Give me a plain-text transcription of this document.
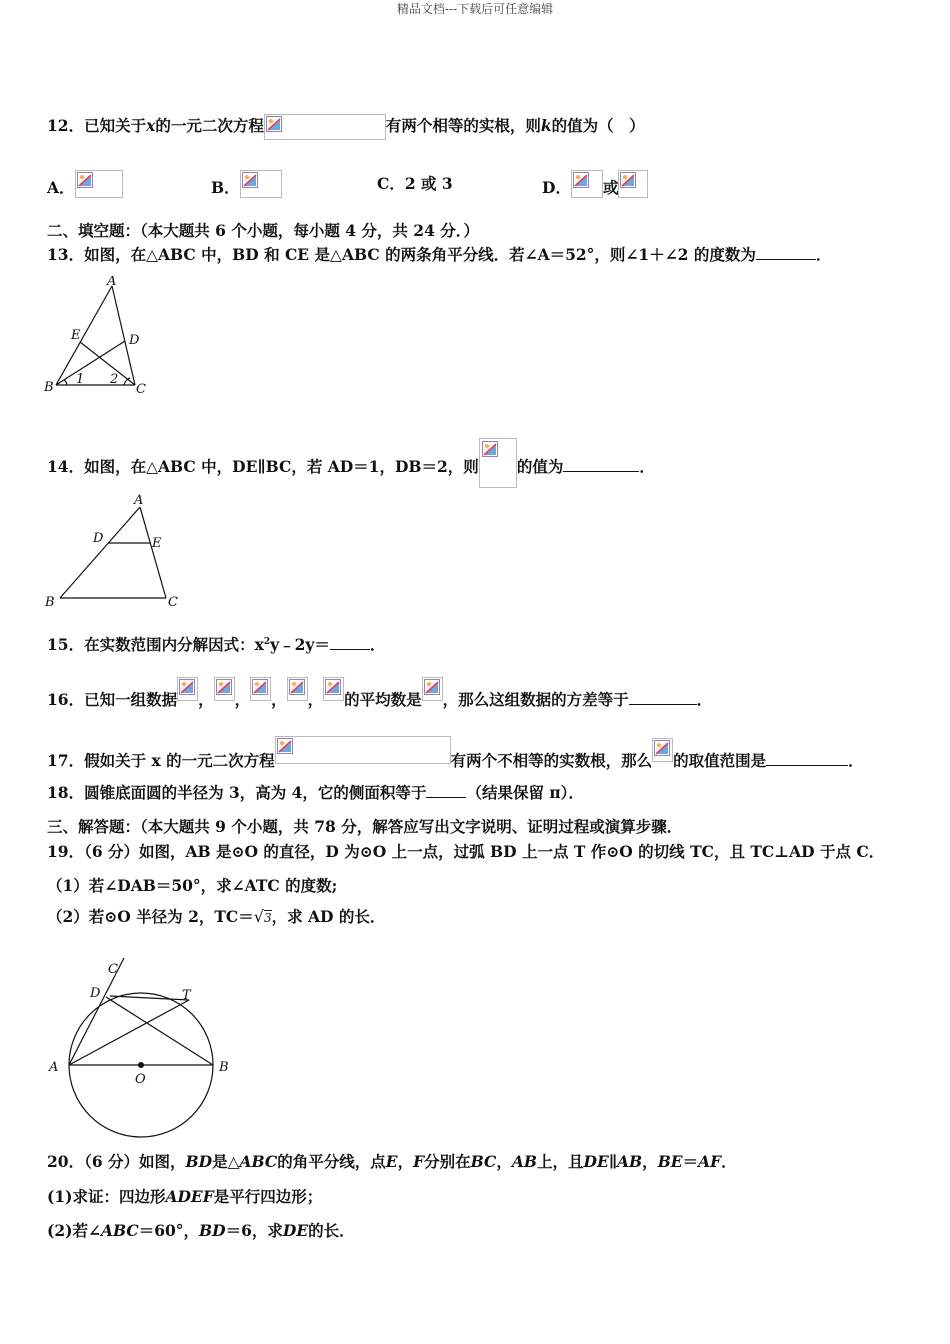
精品文档---下载后可任意编辑
12．已知关于x的一元二次方程	有两个相等的实根，则k的值为（　）
A．	B．	C．2 或 3	D． 或
二、填空题：（本大题共 6 个小题，每小题 4 分，共 24 分．）
13．如图，在△ABC 中，BD 和 CE 是△ABC 的两条角平分线．若∠A＝52°，则∠1＋∠2 的度数为	．
A
B	C
D
E
1 2
14．如图，在△ABC 中，DE∥BC，若 AD＝1，DB＝2，则 的值为	．
A
B	C
D	E
15．在实数范围内分解因式：$x^2y﹣2y=$	．
16．已知一组数据 ， ， ， ， 的平均数是 ，那么这组数据的方差等于	．
17．假如关于 x 的一元二次方程	有两个不相等的实数根，那么 的取值范围是	．
18．圆锥底面圆的半径为 3，高为 4，它的侧面积等于	（结果保留 π）．
三、解答题：（本大题共 9 个小题，共 78 分，解答应写出文字说明、证明过程或演算步骤．
19．（6 分）如图，AB 是⊙O 的直径，D 为⊙O 上一点，过弧 BD 上一点 T 作⊙O 的切线 TC，且 TC⊥AD 于点 C．
（1）若∠DAB＝50°，求∠ATC 的度数;
（2）若⊙O 半径为 2，TC＝√3，求 AD 的长．
A	B
C
D	T
O
20．（6 分）如图，BD是△ABC的角平分线，点E，F分别在BC，AB上，且DE∥AB，BE＝AF．
(1)求证：四边形ADEF是平行四边形；
(2)若∠ABC＝60°，BD＝6，求DE的长．
